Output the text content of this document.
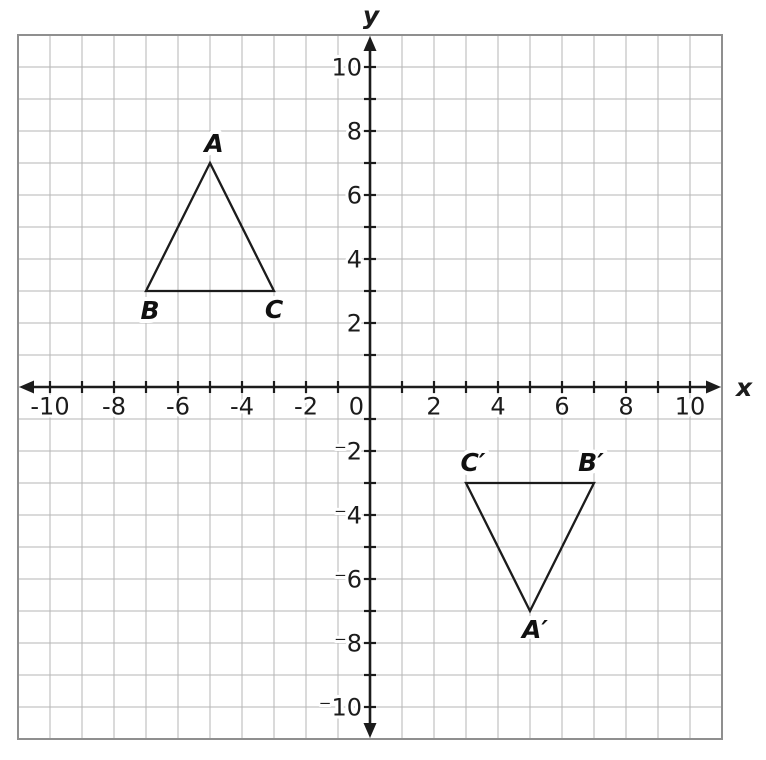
x
y
-10 -8 -6 -4 -2	2 4 6 8 10
10
8
6
4
2
⁻2
⁻4
⁻6
⁻8
⁻10
0
A
B	C
A′
B′
C′
